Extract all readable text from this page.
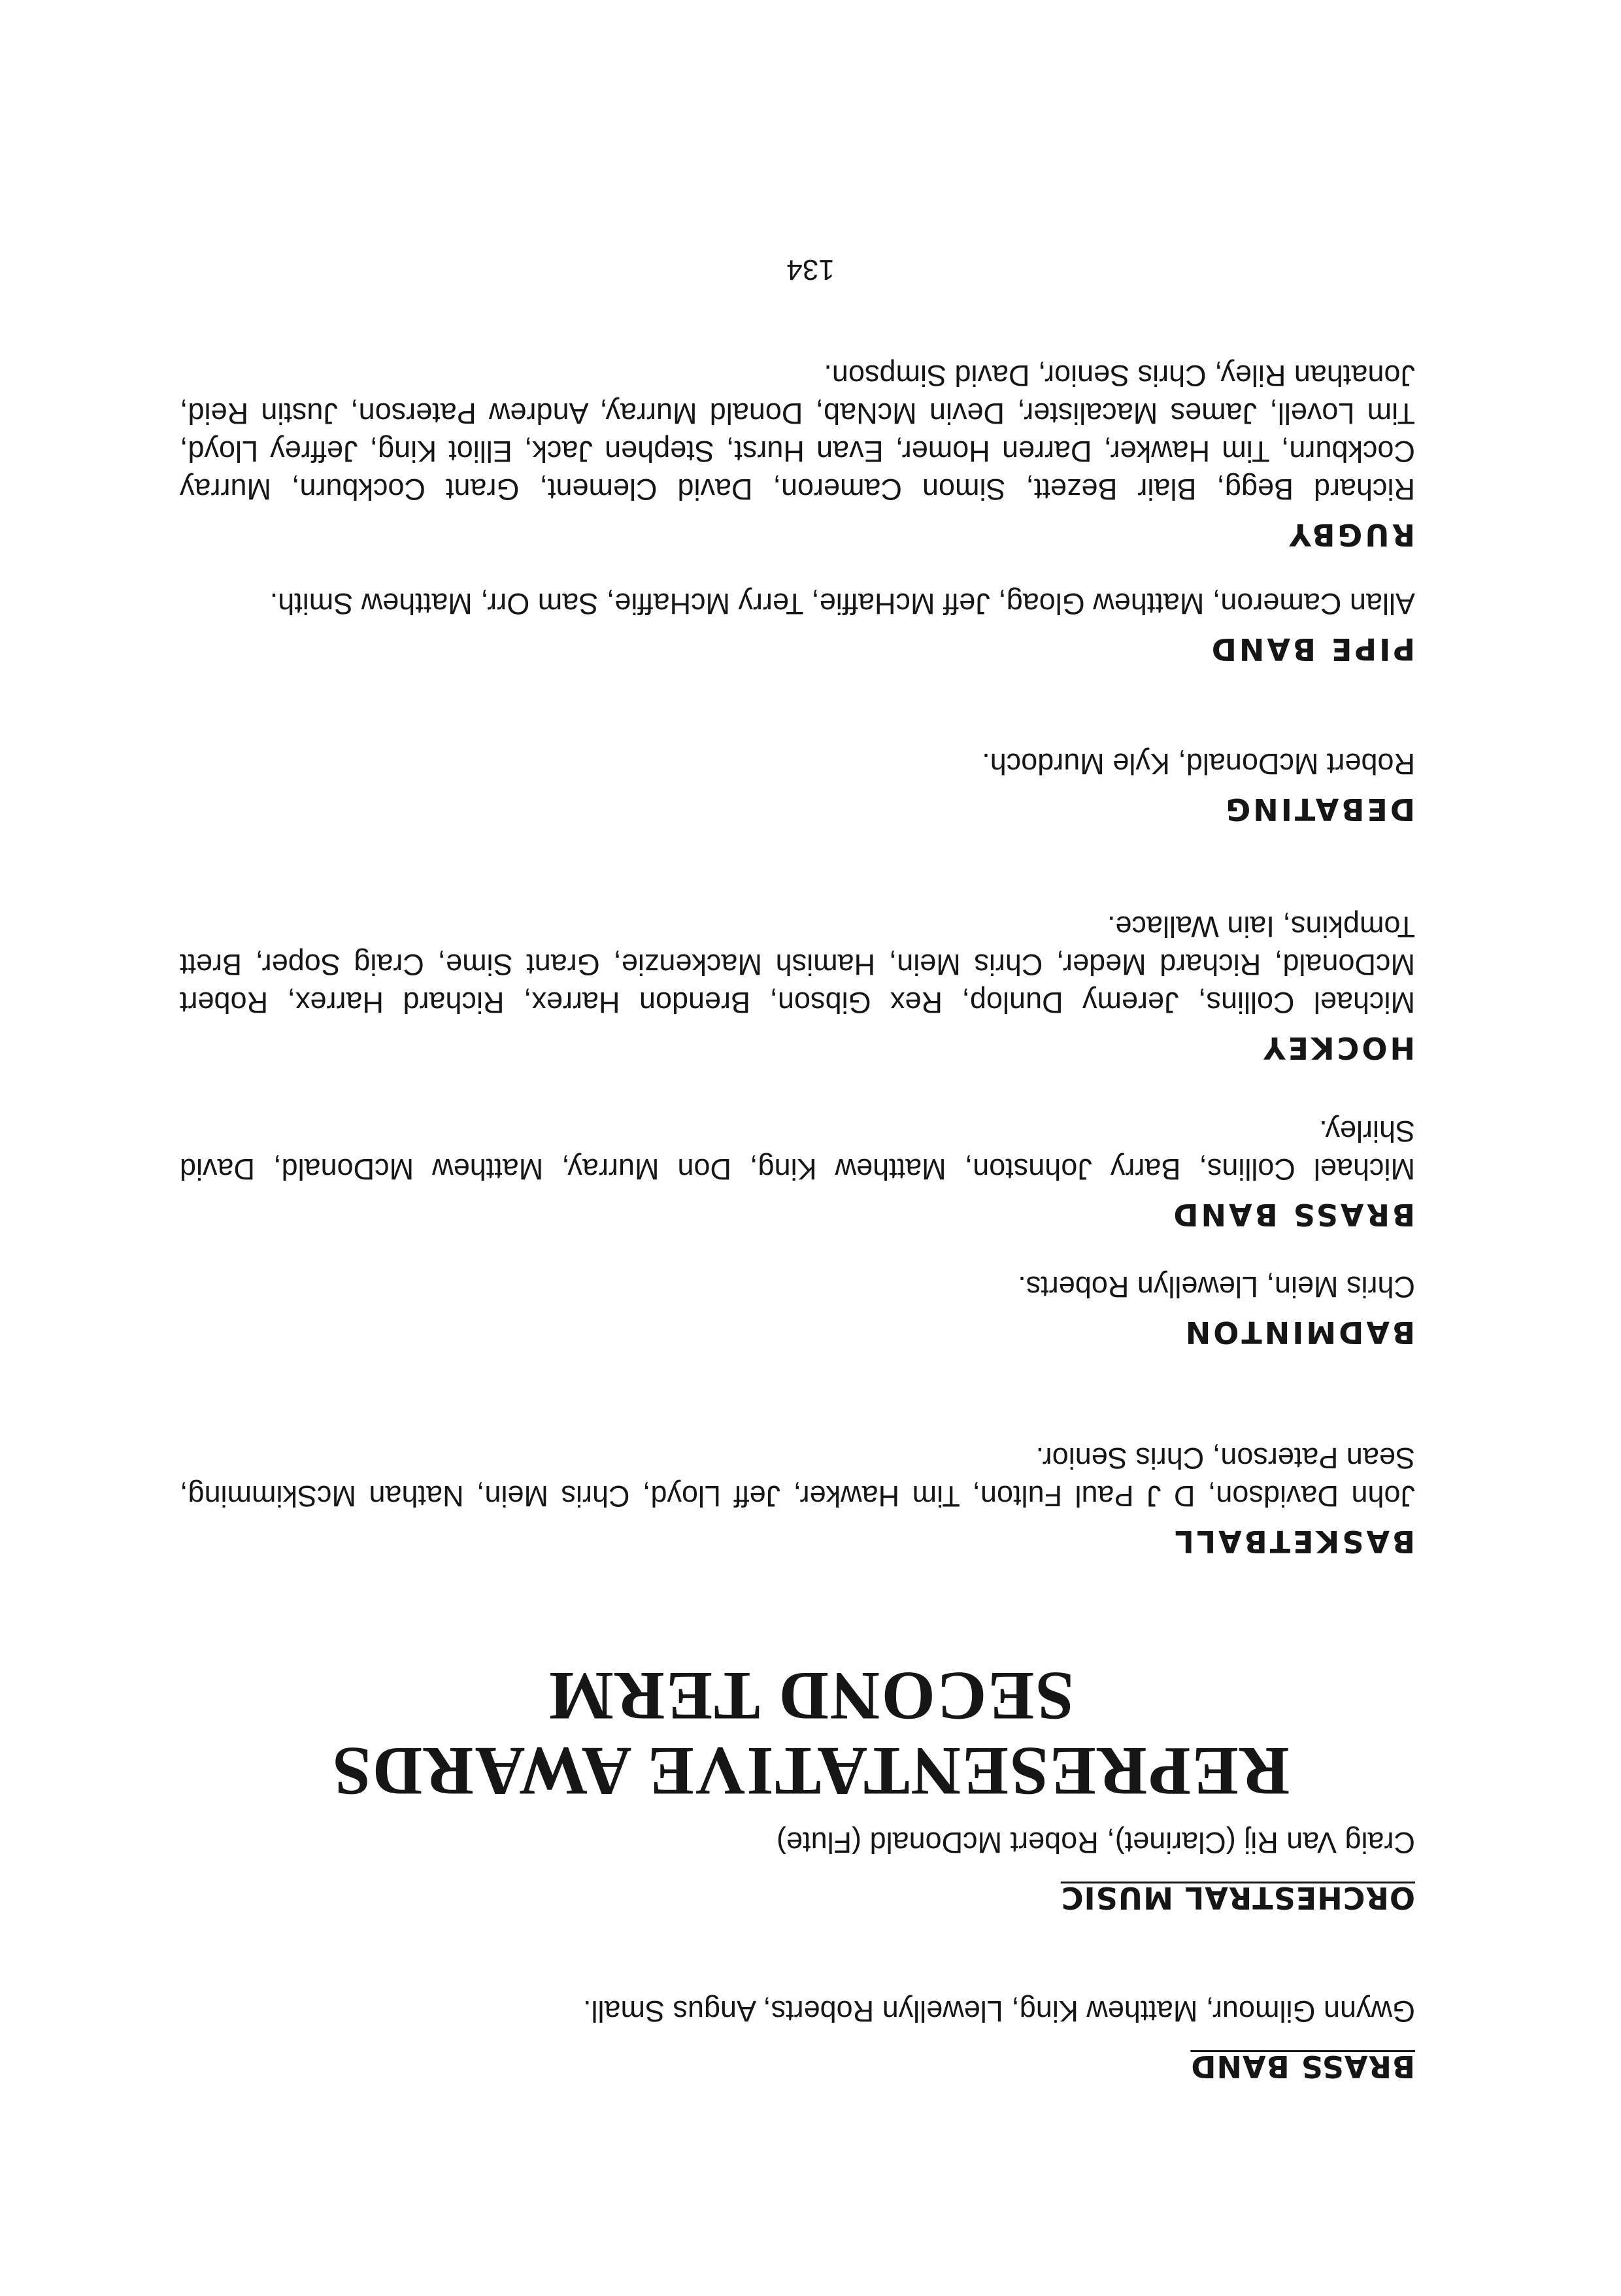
BRASS BAND

Gwynn Gilmour, Matthew King, Llewellyn Roberts, Angus Small.

ORCHESTRAL MUSIC

Craig Van Rij (Clarinet), Robert McDonald (Flute)

REPRESENTATIVE AWARDS
SECOND TERM

BASKETBALL

John Davidson, D J Paul Fulton, Tim Hawker, Jeff Lloyd, Chris Mein, Nathan McSkimming, Sean Paterson, Chris Senior.

BADMINTON

Chris Mein, Llewellyn Roberts.

BRASS BAND

Michael Collins, Barry Johnston, Matthew King, Don Murray, Matthew McDonald, David Shirley.

HOCKEY

Michael Collins, Jeremy Dunlop, Rex Gibson, Brendon Harrex, Richard Harrex, Robert McDonald, Richard Meder, Chris Mein, Hamish Mackenzie, Grant Sime, Craig Soper, Brett Tompkins, Iain Wallace.

DEBATING

Robert McDonald, Kyle Murdoch.

PIPE BAND

Allan Cameron, Matthew Gloag, Jeff McHaffie, Terry McHaffie, Sam Orr, Matthew Smith.

RUGBY

Richard Begg, Blair Bezett, Simon Cameron, David Clement, Grant Cockburn, Murray Cockburn, Tim Hawker, Darren Homer, Evan Hurst, Stephen Jack, Elliot King, Jeffrey Lloyd, Tim Lovell, James Macalister, Devin McNab, Donald Murray, Andrew Paterson, Justin Reid, Jonathan Riley, Chris Senior, David Simpson.

134
